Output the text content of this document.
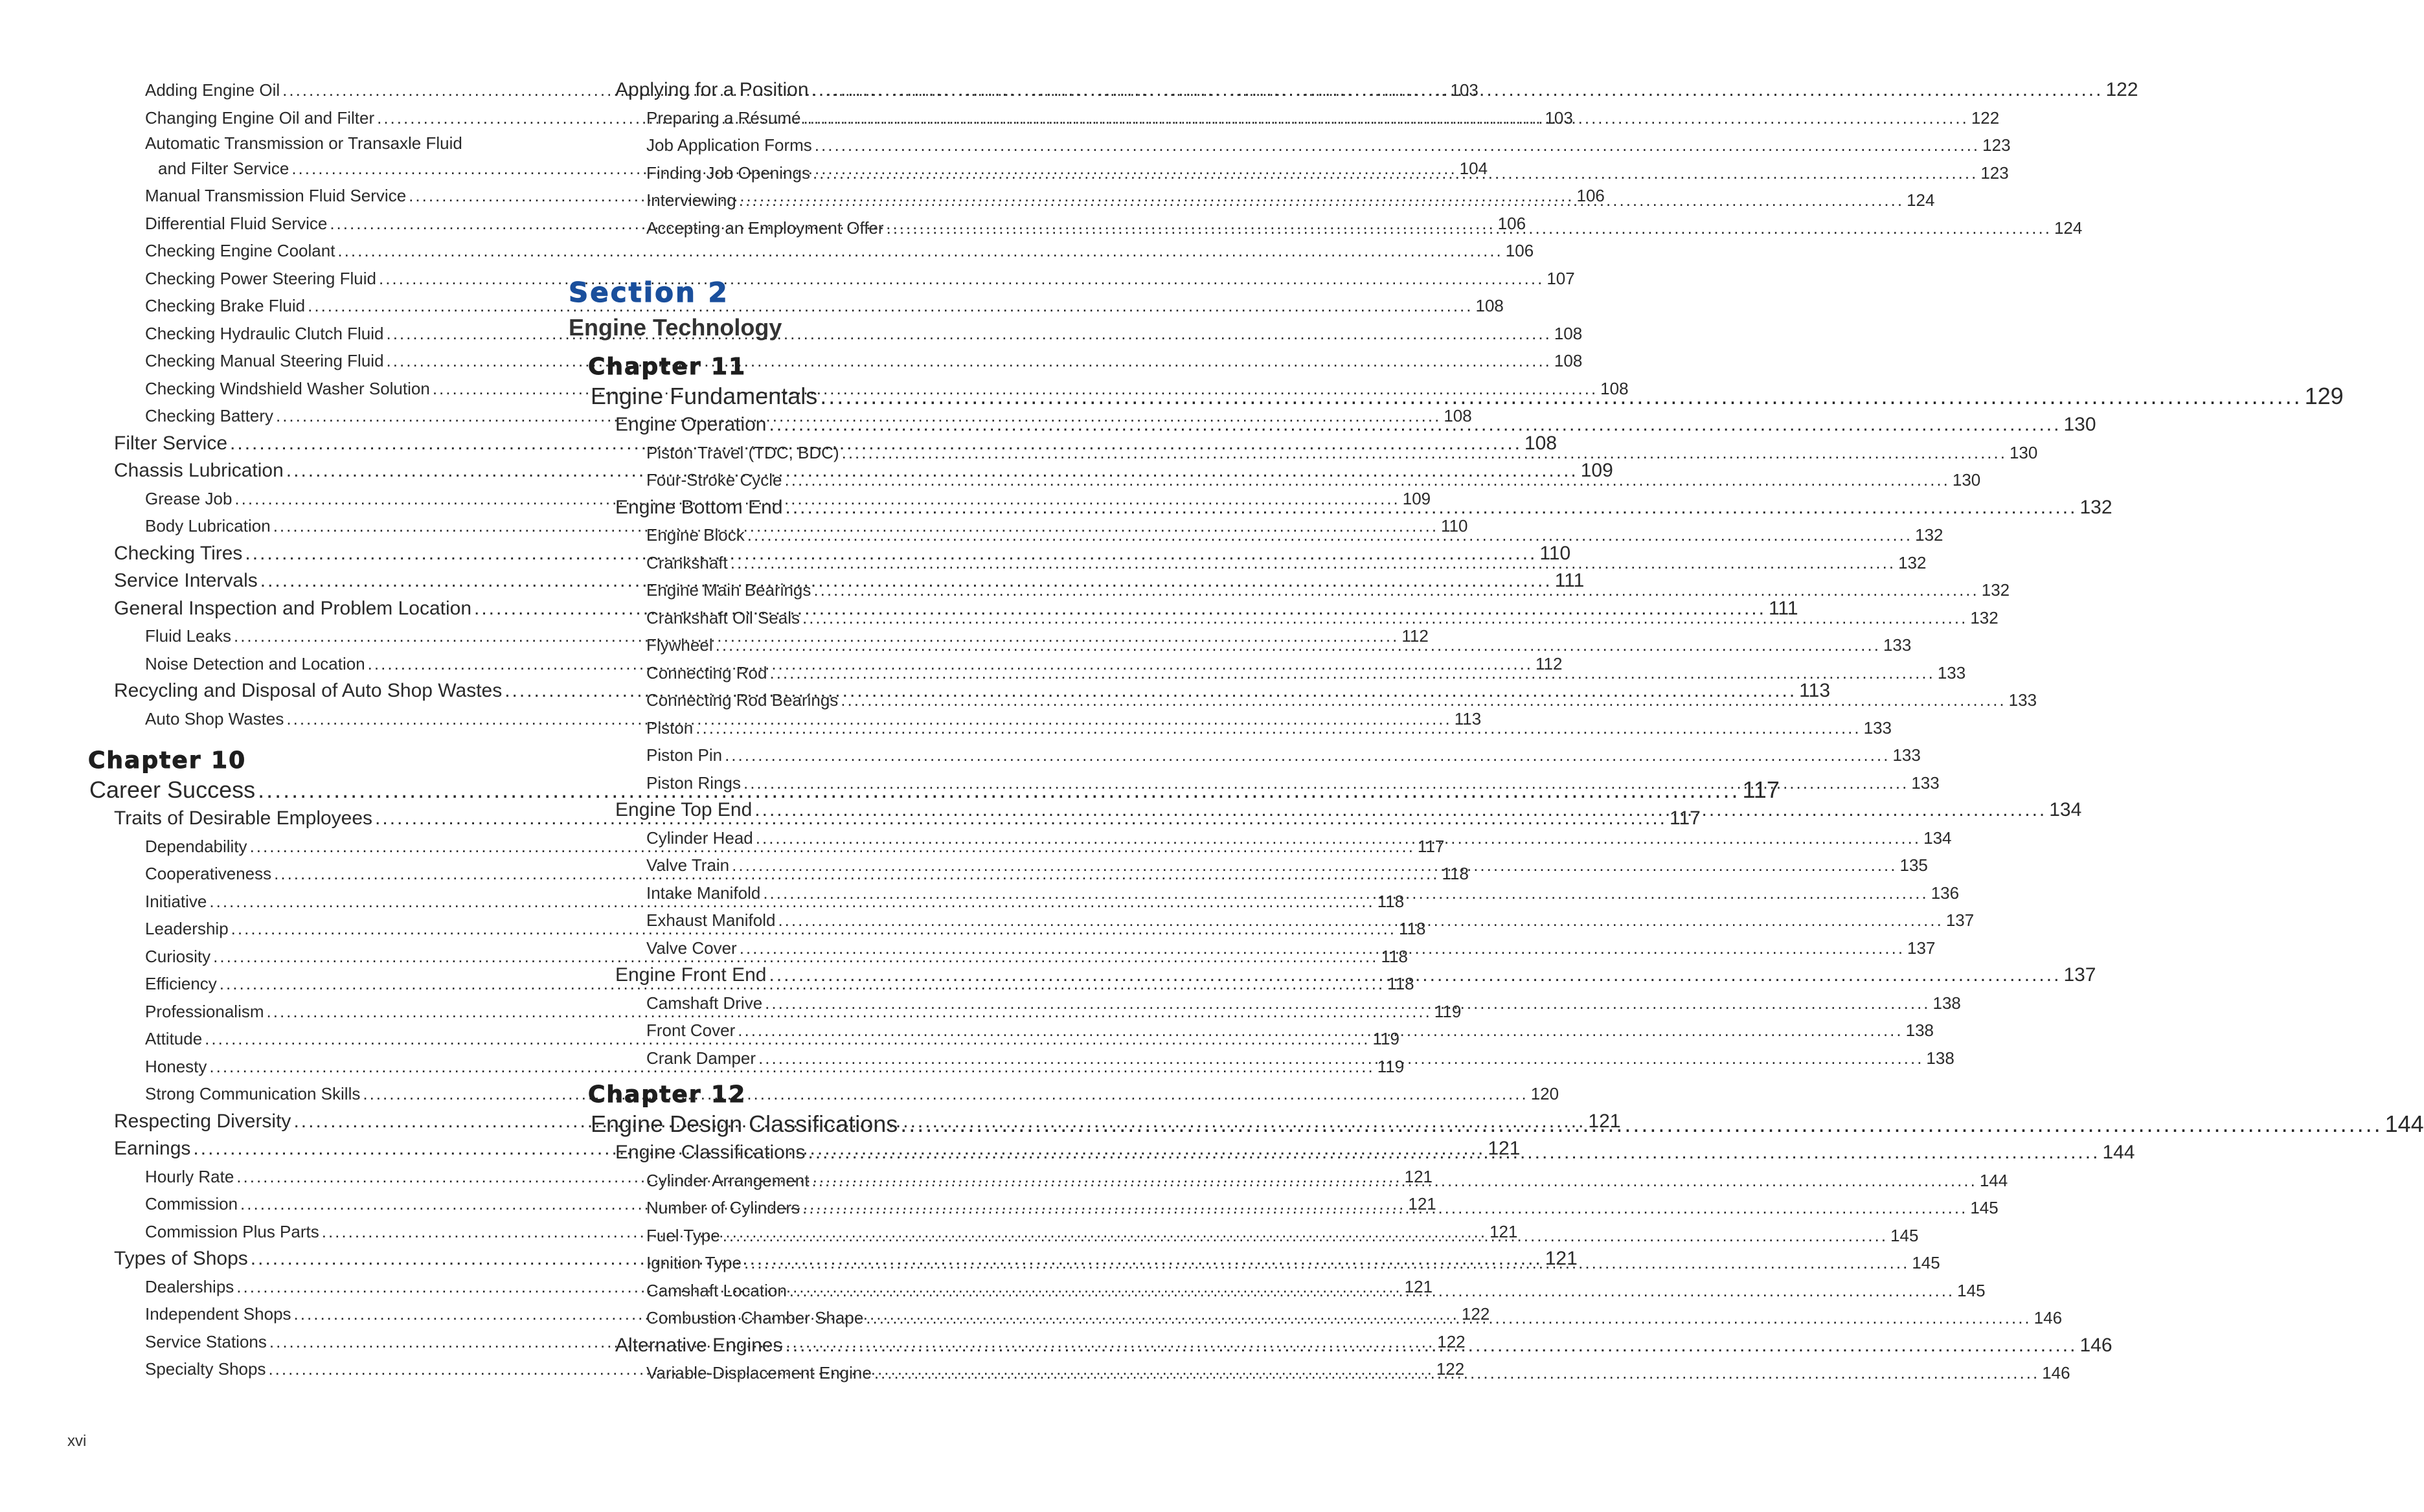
Adding Engine Oil .....	103
Changing Engine Oil and Filter .....	103
Automatic Transmission or Transaxle Fluid
and Filter Service .....	104
Manual Transmission Fluid Service .....	106
Differential Fluid Service .....	106
Checking Engine Coolant .....	106
Checking Power Steering Fluid .....	107
Checking Brake Fluid .....	108
Checking Hydraulic Clutch Fluid .....	108
Checking Manual Steering Fluid .....	108
Checking Windshield Washer Solution .....	108
Checking Battery .....	108
Filter Service .....	108
Chassis Lubrication .....	109
Grease Job .....	109
Body Lubrication .....	110
Checking Tires .....	110
Service Intervals .....	111
General Inspection and Problem Location .....	111
Fluid Leaks .....	112
Noise Detection and Location .....	112
Recycling and Disposal of Auto Shop Wastes .....	113
Auto Shop Wastes .....	113
Chapter 10
Career Success .....	117
Traits of Desirable Employees .....	117
Dependability .....	117
Cooperativeness .....	118
Initiative .....	118
Leadership .....	118
Curiosity .....	118
Efficiency .....	118
Professionalism .....	119
Attitude .....	119
Honesty .....	119
Strong Communication Skills .....	120
Respecting Diversity .....	121
Earnings .....	121
Hourly Rate .....	121
Commission .....	121
Commission Plus Parts .....	121
Types of Shops .....	121
Dealerships .....	121
Independent Shops .....	122
Service Stations .....	122
Specialty Shops .....	122
Applying for a Position .....	122
Preparing a Résumé .....	122
Job Application Forms .....	123
Finding Job Openings .....	123
Interviewing .....	124
Accepting an Employment Offer .....	124
Section 2
Engine Technology
Chapter 11
Engine Fundamentals .....	129
Engine Operation .....	130
Piston Travel (TDC, BDC) .....	130
Four-Stroke Cycle .....	130
Engine Bottom End .....	132
Engine Block .....	132
Crankshaft .....	132
Engine Main Bearings .....	132
Crankshaft Oil Seals .....	132
Flywheel .....	133
Connecting Rod .....	133
Connecting Rod Bearings .....	133
Piston .....	133
Piston Pin .....	133
Piston Rings .....	133
Engine Top End .....	134
Cylinder Head .....	134
Valve Train .....	135
Intake Manifold .....	136
Exhaust Manifold .....	137
Valve Cover .....	137
Engine Front End .....	137
Camshaft Drive .....	138
Front Cover .....	138
Crank Damper .....	138
Chapter 12
Engine Design Classifications .....	144
Engine Classifications .....	144
Cylinder Arrangement .....	144
Number of Cylinders .....	145
Fuel Type .....	145
Ignition Type .....	145
Camshaft Location .....	145
Combustion Chamber Shape .....	146
Alternative Engines .....	146
Variable-Displacement Engine .....	146
xvi
